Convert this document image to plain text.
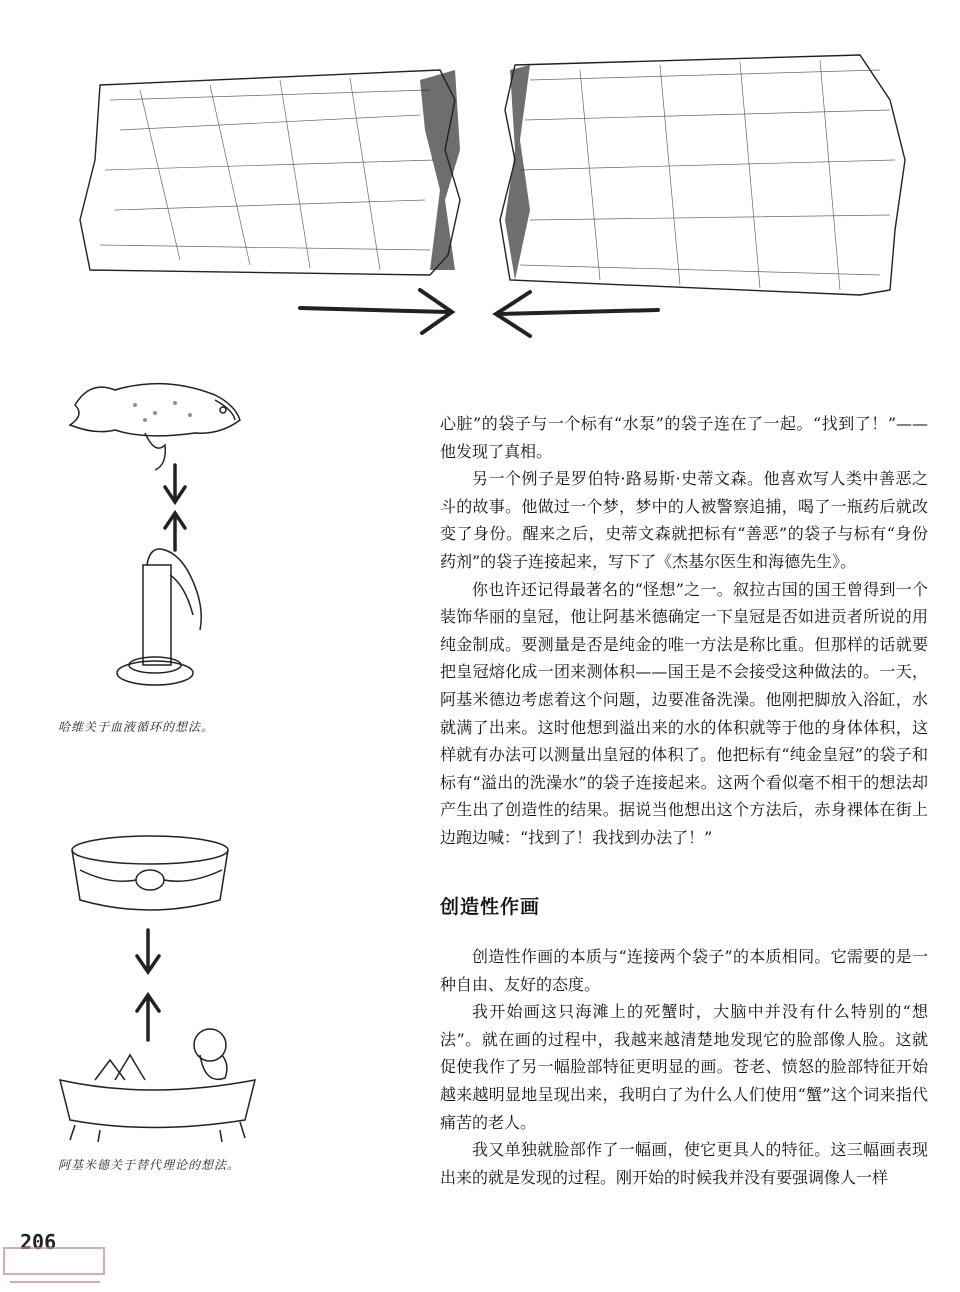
哈维关于血液循环的想法。
阿基米德关于替代理论的想法。

心脏”的袋子与一个标有“水泵”的袋子连在了一起。“找到了！”——他发现了真相。

另一个例子是罗伯特·路易斯·史蒂文森。他喜欢写人类中善恶之斗的故事。他做过一个梦，梦中的人被警察追捕，喝了一瓶药后就改变了身份。醒来之后，史蒂文森就把标有“善恶”的袋子与标有“身份药剂”的袋子连接起来，写下了《杰基尔医生和海德先生》。

你也许还记得最著名的“怪想”之一。叙拉古国的国王曾得到一个装饰华丽的皇冠，他让阿基米德确定一下皇冠是否如进贡者所说的用纯金制成。要测量是否是纯金的唯一方法是称比重。但那样的话就要把皇冠熔化成一团来测体积——国王是不会接受这种做法的。一天，阿基米德边考虑着这个问题，边要准备洗澡。他刚把脚放入浴缸，水就满了出来。这时他想到溢出来的水的体积就等于他的身体体积，这样就有办法可以测量出皇冠的体积了。他把标有“纯金皇冠”的袋子和标有“溢出的洗澡水”的袋子连接起来。这两个看似毫不相干的想法却产生出了创造性的结果。据说当他想出这个方法后，赤身裸体在街上边跑边喊：“找到了！我找到办法了！”

创造性作画

创造性作画的本质与“连接两个袋子”的本质相同。它需要的是一种自由、友好的态度。

我开始画这只海滩上的死蟹时，大脑中并没有什么特别的“想法”。就在画的过程中，我越来越清楚地发现它的脸部像人脸。这就促使我作了另一幅脸部特征更明显的画。苍老、愤怒的脸部特征开始越来越明显地呈现出来，我明白了为什么人们使用“蟹”这个词来指代痛苦的老人。

我又单独就脸部作了一幅画，使它更具人的特征。这三幅画表现出来的就是发现的过程。刚开始的时候我并没有要强调像人一样

206
